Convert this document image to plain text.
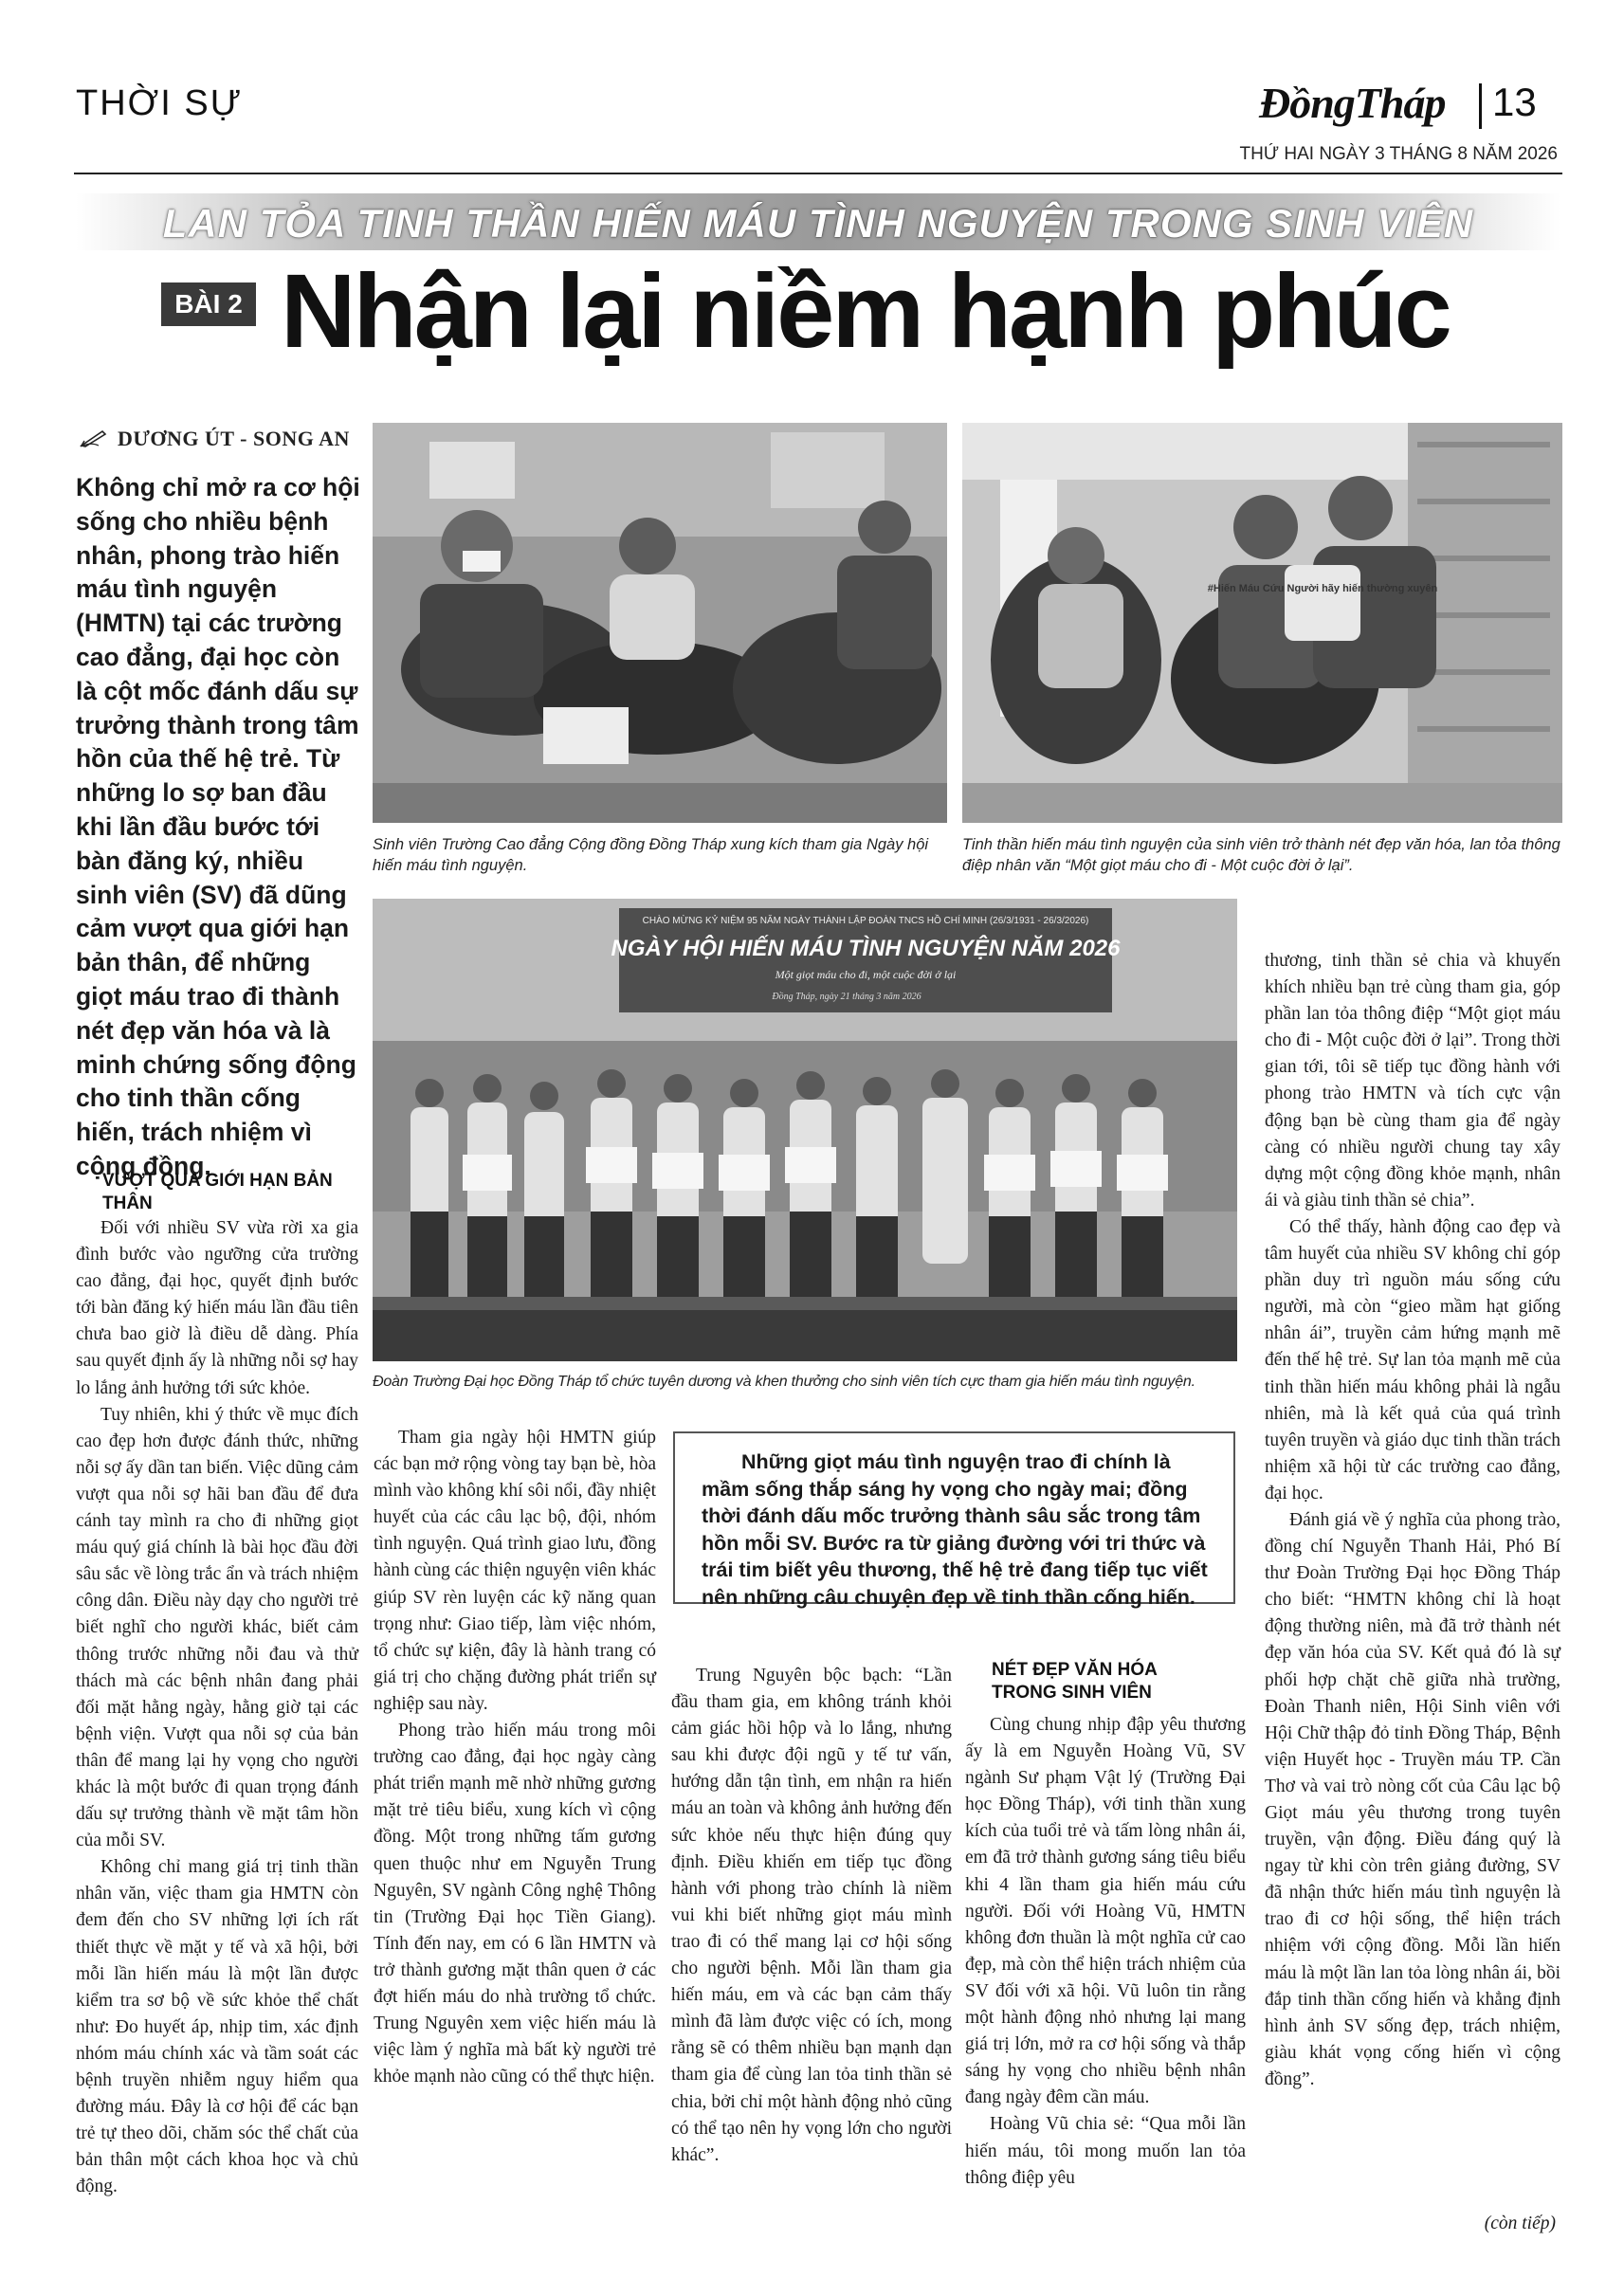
THỜI SỰ	ĐồngTháp 13
THỨ HAI NGÀY 3 THÁNG 8 NĂM 2026
LAN TỎA TINH THẦN HIẾN MÁU TÌNH NGUYỆN TRONG SINH VIÊN
BÀI 2 Nhận lại niềm hạnh phúc
DƯƠNG ÚT - SONG AN
Không chỉ mở ra cơ hội sống cho nhiều bệnh nhân, phong trào hiến máu tình nguyện (HMTN) tại các trường cao đẳng, đại học còn là cột mốc đánh dấu sự trưởng thành trong tâm hồn của thế hệ trẻ. Từ những lo sợ ban đầu khi lần đầu bước tới bàn đăng ký, nhiều sinh viên (SV) đã dũng cảm vượt qua giới hạn bản thân, để những giọt máu trao đi thành nét đẹp văn hóa và là minh chứng sống động cho tinh thần cống hiến, trách nhiệm vì cộng đồng.
Sinh viên Trường Cao đẳng Cộng đồng Đồng Tháp xung kích tham gia Ngày hội hiến máu tình nguyện.
#Hiến Máu Cứu Người hãy hiến thường xuyên
Tinh thần hiến máu tình nguyện của sinh viên trở thành nét đẹp văn hóa, lan tỏa thông điệp nhân văn “Một giọt máu cho đi - Một cuộc đời ở lại”.
CHÀO MỪNG KỶ NIỆM 95 NĂM NGÀY THÀNH LẬP ĐOÀN TNCS HỒ CHÍ MINH (26/3/1931 - 26/3/2026)
NGÀY HỘI HIẾN MÁU TÌNH NGUYỆN NĂM 2026
Một giọt máu cho đi, một cuộc đời ở lại
Đồng Tháp, ngày 21 tháng 3 năm 2026
Đoàn Trường Đại học Đồng Tháp tổ chức tuyên dương và khen thưởng cho sinh viên tích cực tham gia hiến máu tình nguyện.
VƯỢT QUA GIỚI HẠN BẢN THÂN

Đối với nhiều SV vừa rời xa gia đình bước vào ngưỡng cửa trường cao đẳng, đại học, quyết định bước tới bàn đăng ký hiến máu lần đầu tiên chưa bao giờ là điều dễ dàng. Phía sau quyết định ấy là những nỗi sợ hay lo lắng ảnh hưởng tới sức khỏe.

Tuy nhiên, khi ý thức về mục đích cao đẹp hơn được đánh thức, những nỗi sợ ấy dần tan biến. Việc dũng cảm vượt qua nỗi sợ hãi ban đầu để đưa cánh tay mình ra cho đi những giọt máu quý giá chính là bài học đầu đời sâu sắc về lòng trắc ẩn và trách nhiệm công dân. Điều này dạy cho người trẻ biết nghĩ cho người khác, biết cảm thông trước những nỗi đau và thử thách mà các bệnh nhân đang phải đối mặt hằng ngày, hằng giờ tại các bệnh viện. Vượt qua nỗi sợ của bản thân để mang lại hy vọng cho người khác là một bước đi quan trọng đánh dấu sự trưởng thành về mặt tâm hồn của mỗi SV.

Không chỉ mang giá trị tinh thần nhân văn, việc tham gia HMTN còn đem đến cho SV những lợi ích rất thiết thực về mặt y tế và xã hội, bởi mỗi lần hiến máu là một lần được kiểm tra sơ bộ về sức khỏe thể chất như: Đo huyết áp, nhịp tim, xác định nhóm máu chính xác và tầm soát các bệnh truyền nhiễm nguy hiểm qua đường máu. Đây là cơ hội để các bạn trẻ tự theo dõi, chăm sóc thể chất của bản thân một cách khoa học và chủ động.

Tham gia ngày hội HMTN giúp các bạn mở rộng vòng tay bạn bè, hòa mình vào không khí sôi nổi, đầy nhiệt huyết của các câu lạc bộ, đội, nhóm tình nguyện. Quá trình giao lưu, đồng hành cùng các thiện nguyện viên khác giúp SV rèn luyện các kỹ năng quan trọng như: Giao tiếp, làm việc nhóm, tổ chức sự kiện, đây là hành trang có giá trị cho chặng đường phát triển sự nghiệp sau này.

Phong trào hiến máu trong môi trường cao đẳng, đại học ngày càng phát triển mạnh mẽ nhờ những gương mặt trẻ tiêu biểu, xung kích vì cộng đồng. Một trong những tấm gương quen thuộc như em Nguyễn Trung Nguyên, SV ngành Công nghệ Thông tin (Trường Đại học Tiền Giang). Tính đến nay, em có 6 lần HMTN và trở thành gương mặt thân quen ở các đợt hiến máu do nhà trường tổ chức. Trung Nguyên xem việc hiến máu là việc làm ý nghĩa mà bất kỳ người trẻ khỏe mạnh nào cũng có thể thực hiện.

Những giọt máu tình nguyện trao đi chính là mầm sống thắp sáng hy vọng cho ngày mai; đồng thời đánh dấu mốc trưởng thành sâu sắc trong tâm hồn mỗi SV. Bước ra từ giảng đường với tri thức và trái tim biết yêu thương, thế hệ trẻ đang tiếp tục viết nên những câu chuyện đẹp về tinh thần cống hiến.

Trung Nguyên bộc bạch: “Lần đầu tham gia, em không tránh khỏi cảm giác hồi hộp và lo lắng, nhưng sau khi được đội ngũ y tế tư vấn, hướng dẫn tận tình, em nhận ra hiến máu an toàn và không ảnh hưởng đến sức khỏe nếu thực hiện đúng quy định. Điều khiến em tiếp tục đồng hành với phong trào chính là niềm vui khi biết những giọt máu mình trao đi có thể mang lại cơ hội sống cho người bệnh. Mỗi lần tham gia hiến máu, em và các bạn cảm thấy mình đã làm được việc có ích, mong rằng sẽ có thêm nhiều bạn mạnh dạn tham gia để cùng lan tỏa tinh thần sẻ chia, bởi chỉ một hành động nhỏ cũng có thể tạo nên hy vọng lớn cho người khác”.

NÉT ĐẸP VĂN HÓA TRONG SINH VIÊN

Cùng chung nhịp đập yêu thương ấy là em Nguyễn Hoàng Vũ, SV ngành Sư phạm Vật lý (Trường Đại học Đồng Tháp), với tinh thần xung kích của tuổi trẻ và tấm lòng nhân ái, em đã trở thành gương sáng tiêu biểu khi 4 lần tham gia hiến máu cứu người. Đối với Hoàng Vũ, HMTN không đơn thuần là một nghĩa cử cao đẹp, mà còn thể hiện trách nhiệm của SV đối với xã hội. Vũ luôn tin rằng một hành động nhỏ nhưng lại mang giá trị lớn, mở ra cơ hội sống và thắp sáng hy vọng cho nhiều bệnh nhân đang ngày đêm cần máu.

Hoàng Vũ chia sẻ: “Qua mỗi lần hiến máu, tôi mong muốn lan tỏa thông điệp yêu

thương, tinh thần sẻ chia và khuyến khích nhiều bạn trẻ cùng tham gia, góp phần lan tỏa thông điệp “Một giọt máu cho đi - Một cuộc đời ở lại”. Trong thời gian tới, tôi sẽ tiếp tục đồng hành với phong trào HMTN và tích cực vận động bạn bè cùng tham gia để ngày càng có nhiều người chung tay xây dựng một cộng đồng khỏe mạnh, nhân ái và giàu tinh thần sẻ chia”.

Có thể thấy, hành động cao đẹp và tâm huyết của nhiều SV không chỉ góp phần duy trì nguồn máu sống cứu người, mà còn “gieo mầm hạt giống nhân ái”, truyền cảm hứng mạnh mẽ đến thế hệ trẻ. Sự lan tỏa mạnh mẽ của tinh thần hiến máu không phải là ngẫu nhiên, mà là kết quả của quá trình tuyên truyền và giáo dục tinh thần trách nhiệm xã hội từ các trường cao đẳng, đại học.

Đánh giá về ý nghĩa của phong trào, đồng chí Nguyễn Thanh Hải, Phó Bí thư Đoàn Trường Đại học Đồng Tháp cho biết: “HMTN không chỉ là hoạt động thường niên, mà đã trở thành nét đẹp văn hóa của SV. Kết quả đó là sự phối hợp chặt chẽ giữa nhà trường, Đoàn Thanh niên, Hội Sinh viên với Hội Chữ thập đỏ tỉnh Đồng Tháp, Bệnh viện Huyết học - Truyền máu TP. Cần Thơ và vai trò nòng cốt của Câu lạc bộ Giọt máu yêu thương trong tuyên truyền, vận động. Điều đáng quý là ngay từ khi còn trên giảng đường, SV đã nhận thức hiến máu tình nguyện là trao đi cơ hội sống, thể hiện trách nhiệm với cộng đồng. Mỗi lần hiến máu là một lần lan tỏa lòng nhân ái, bồi đắp tinh thần cống hiến và khẳng định hình ảnh SV sống đẹp, trách nhiệm, giàu khát vọng cống hiến vì cộng đồng”.

(còn tiếp)
